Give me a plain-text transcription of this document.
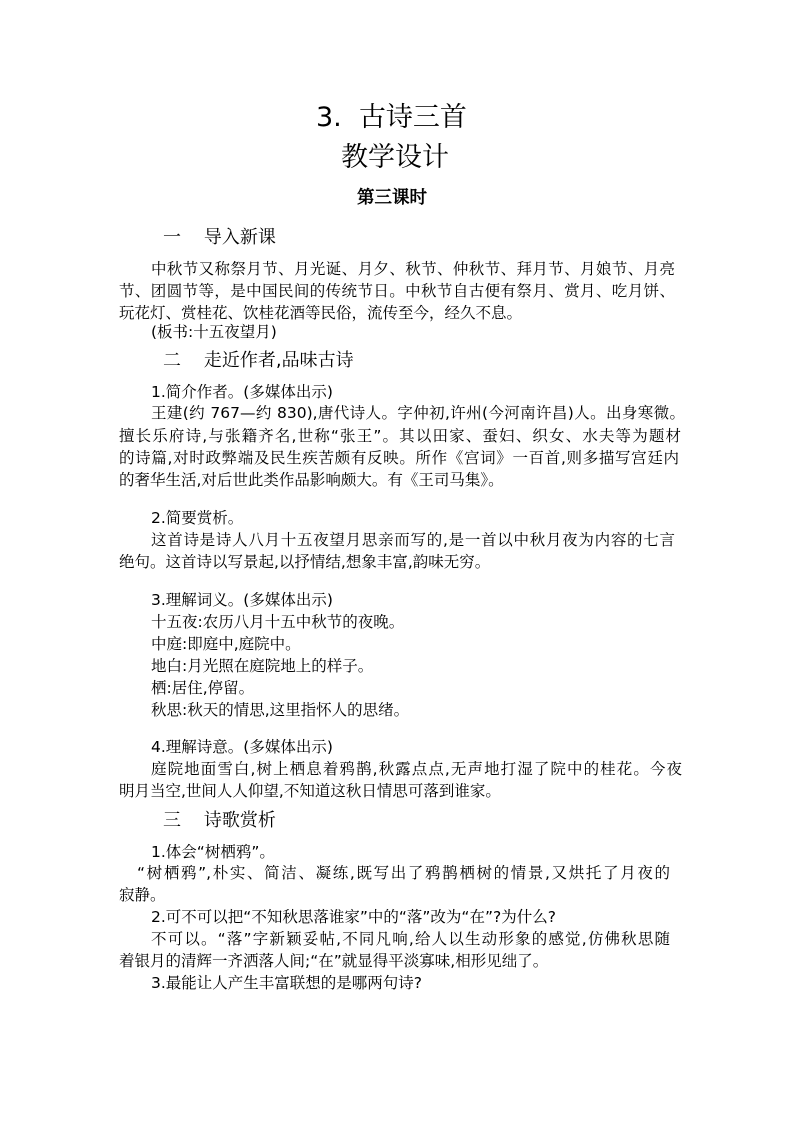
3.  古诗三首
教学设计
第三课时
一    导入新课
中秋节又称祭月节、月光诞、月夕、秋节、仲秋节、拜月节、月娘节、月亮
节、团圆节等，是中国民间的传统节日。中秋节自古便有祭月、赏月、吃月饼、
玩花灯、赏桂花、饮桂花酒等民俗，流传至今，经久不息。
(板书:十五夜望月)
二    走近作者,品味古诗
1.简介作者。(多媒体出示)
王建(约 767—约 830),唐代诗人。字仲初,许州(今河南许昌)人。出身寒微。
擅长乐府诗,与张籍齐名,世称“张王”。其以田家、蚕妇、织女、水夫等为题材
的诗篇,对时政弊端及民生疾苦颇有反映。所作《宫词》一百首,则多描写宫廷内
的奢华生活,对后世此类作品影响颇大。有《王司马集》。
2.简要赏析。
这首诗是诗人八月十五夜望月思亲而写的,是一首以中秋月夜为内容的七言
绝句。这首诗以写景起,以抒情结,想象丰富,韵味无穷。
3.理解词义。(多媒体出示)
十五夜:农历八月十五中秋节的夜晚。
中庭:即庭中,庭院中。
地白:月光照在庭院地上的样子。
栖:居住,停留。
秋思:秋天的情思,这里指怀人的思绪。
4.理解诗意。(多媒体出示)
庭院地面雪白,树上栖息着鸦鹊,秋露点点,无声地打湿了院中的桂花。今夜
明月当空,世间人人仰望,不知道这秋日情思可落到谁家。
三    诗歌赏析
1.体会“树栖鸦”。
“树栖鸦”,朴实、简洁、凝练,既写出了鸦鹊栖树的情景,又烘托了月夜的
寂静。
2.可不可以把“不知秋思落谁家”中的“落”改为“在”?为什么?
不可以。“落”字新颖妥帖,不同凡响,给人以生动形象的感觉,仿佛秋思随
着银月的清辉一齐洒落人间;“在”就显得平淡寡味,相形见绌了。
3.最能让人产生丰富联想的是哪两句诗?
